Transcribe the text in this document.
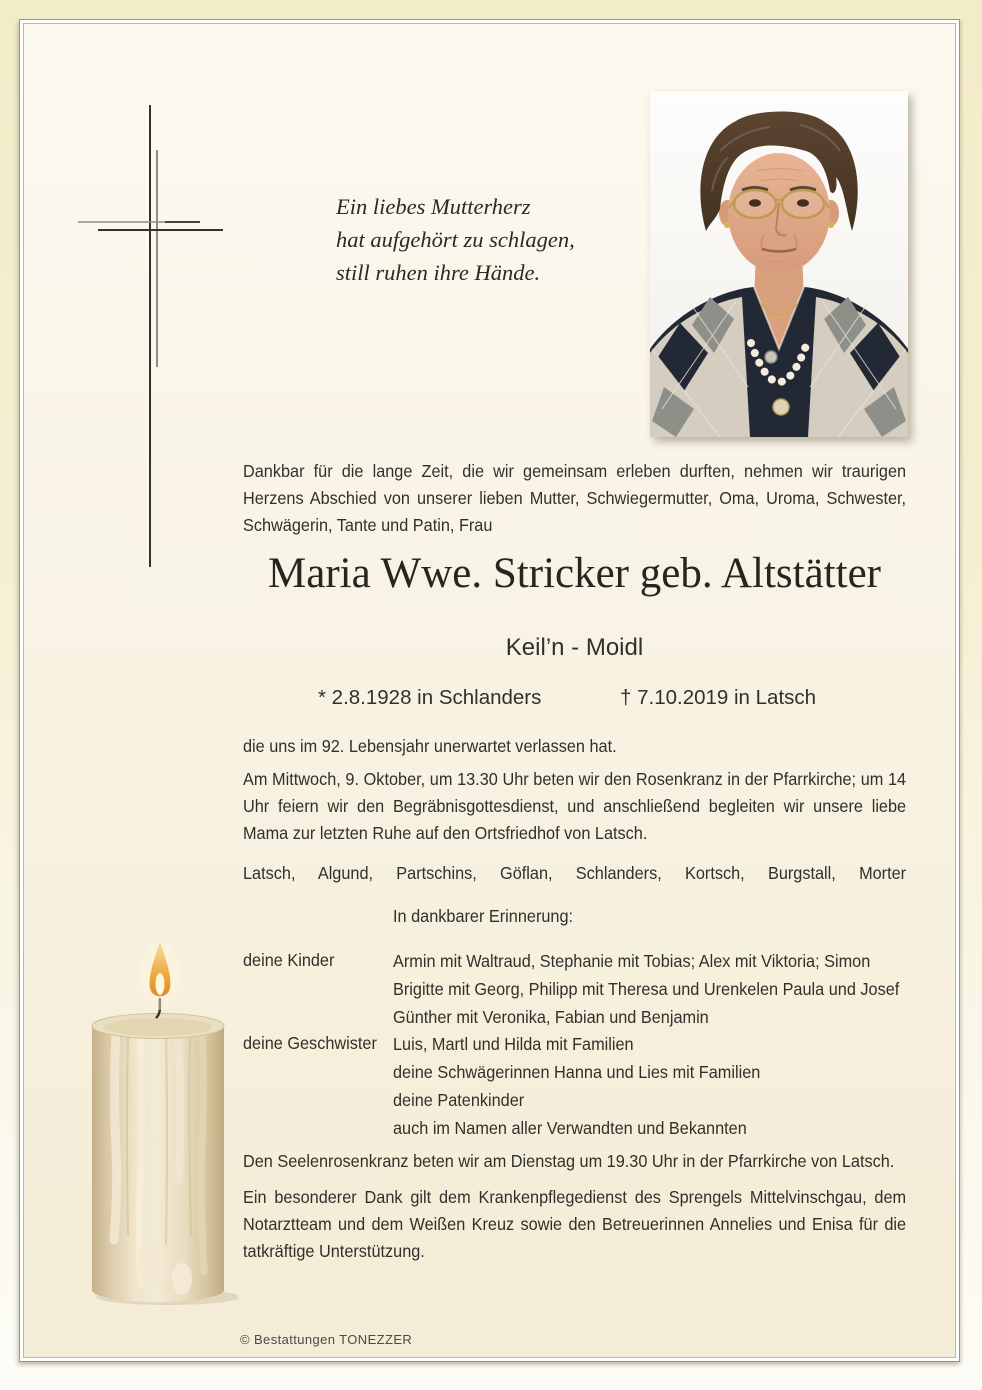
Ein liebes Mutterherz
hat aufgehört zu schlagen,
still ruhen ihre Hände.
Dankbar für die lange Zeit, die wir gemeinsam erleben durften, nehmen wir traurigen Herzens Abschied von unserer lieben Mutter, Schwiegermutter, Oma, Uroma, Schwester, Schwägerin, Tante und Patin, Frau
Maria Wwe. Stricker geb. Altstätter
Keil’n - Moidl
* 2.8.1928 in Schlanders	† 7.10.2019 in Latsch
die uns im 92. Lebensjahr unerwartet verlassen hat.
Am Mittwoch, 9. Oktober, um 13.30 Uhr beten wir den Rosenkranz in der Pfarrkirche; um 14 Uhr feiern wir den Begräbnisgottesdienst, und anschließend begleiten wir unsere liebe Mama zur letzten Ruhe auf den Ortsfriedhof von Latsch.
Latsch, Algund, Partschins, Göflan, Schlanders, Kortsch, Burgstall, Morter
In dankbarer Erinnerung:
deine Kinder	Armin mit Waltraud, Stephanie mit Tobias; Alex mit Viktoria; Simon
Brigitte mit Georg, Philipp mit Theresa und Urenkelen Paula und Josef
Günther mit Veronika, Fabian und Benjamin
deine Geschwister Luis, Martl und Hilda mit Familien
deine Schwägerinnen Hanna und Lies mit Familien
deine Patenkinder
auch im Namen aller Verwandten und Bekannten
Den Seelenrosenkranz beten wir am Dienstag um 19.30 Uhr in der Pfarrkirche von Latsch.
Ein besonderer Dank gilt dem Krankenpflegedienst des Sprengels Mittelvinschgau, dem Notarztteam und dem Weißen Kreuz sowie den Betreuerinnen Annelies und Enisa für die tatkräftige Unterstützung.
© Bestattungen TONEZZER
